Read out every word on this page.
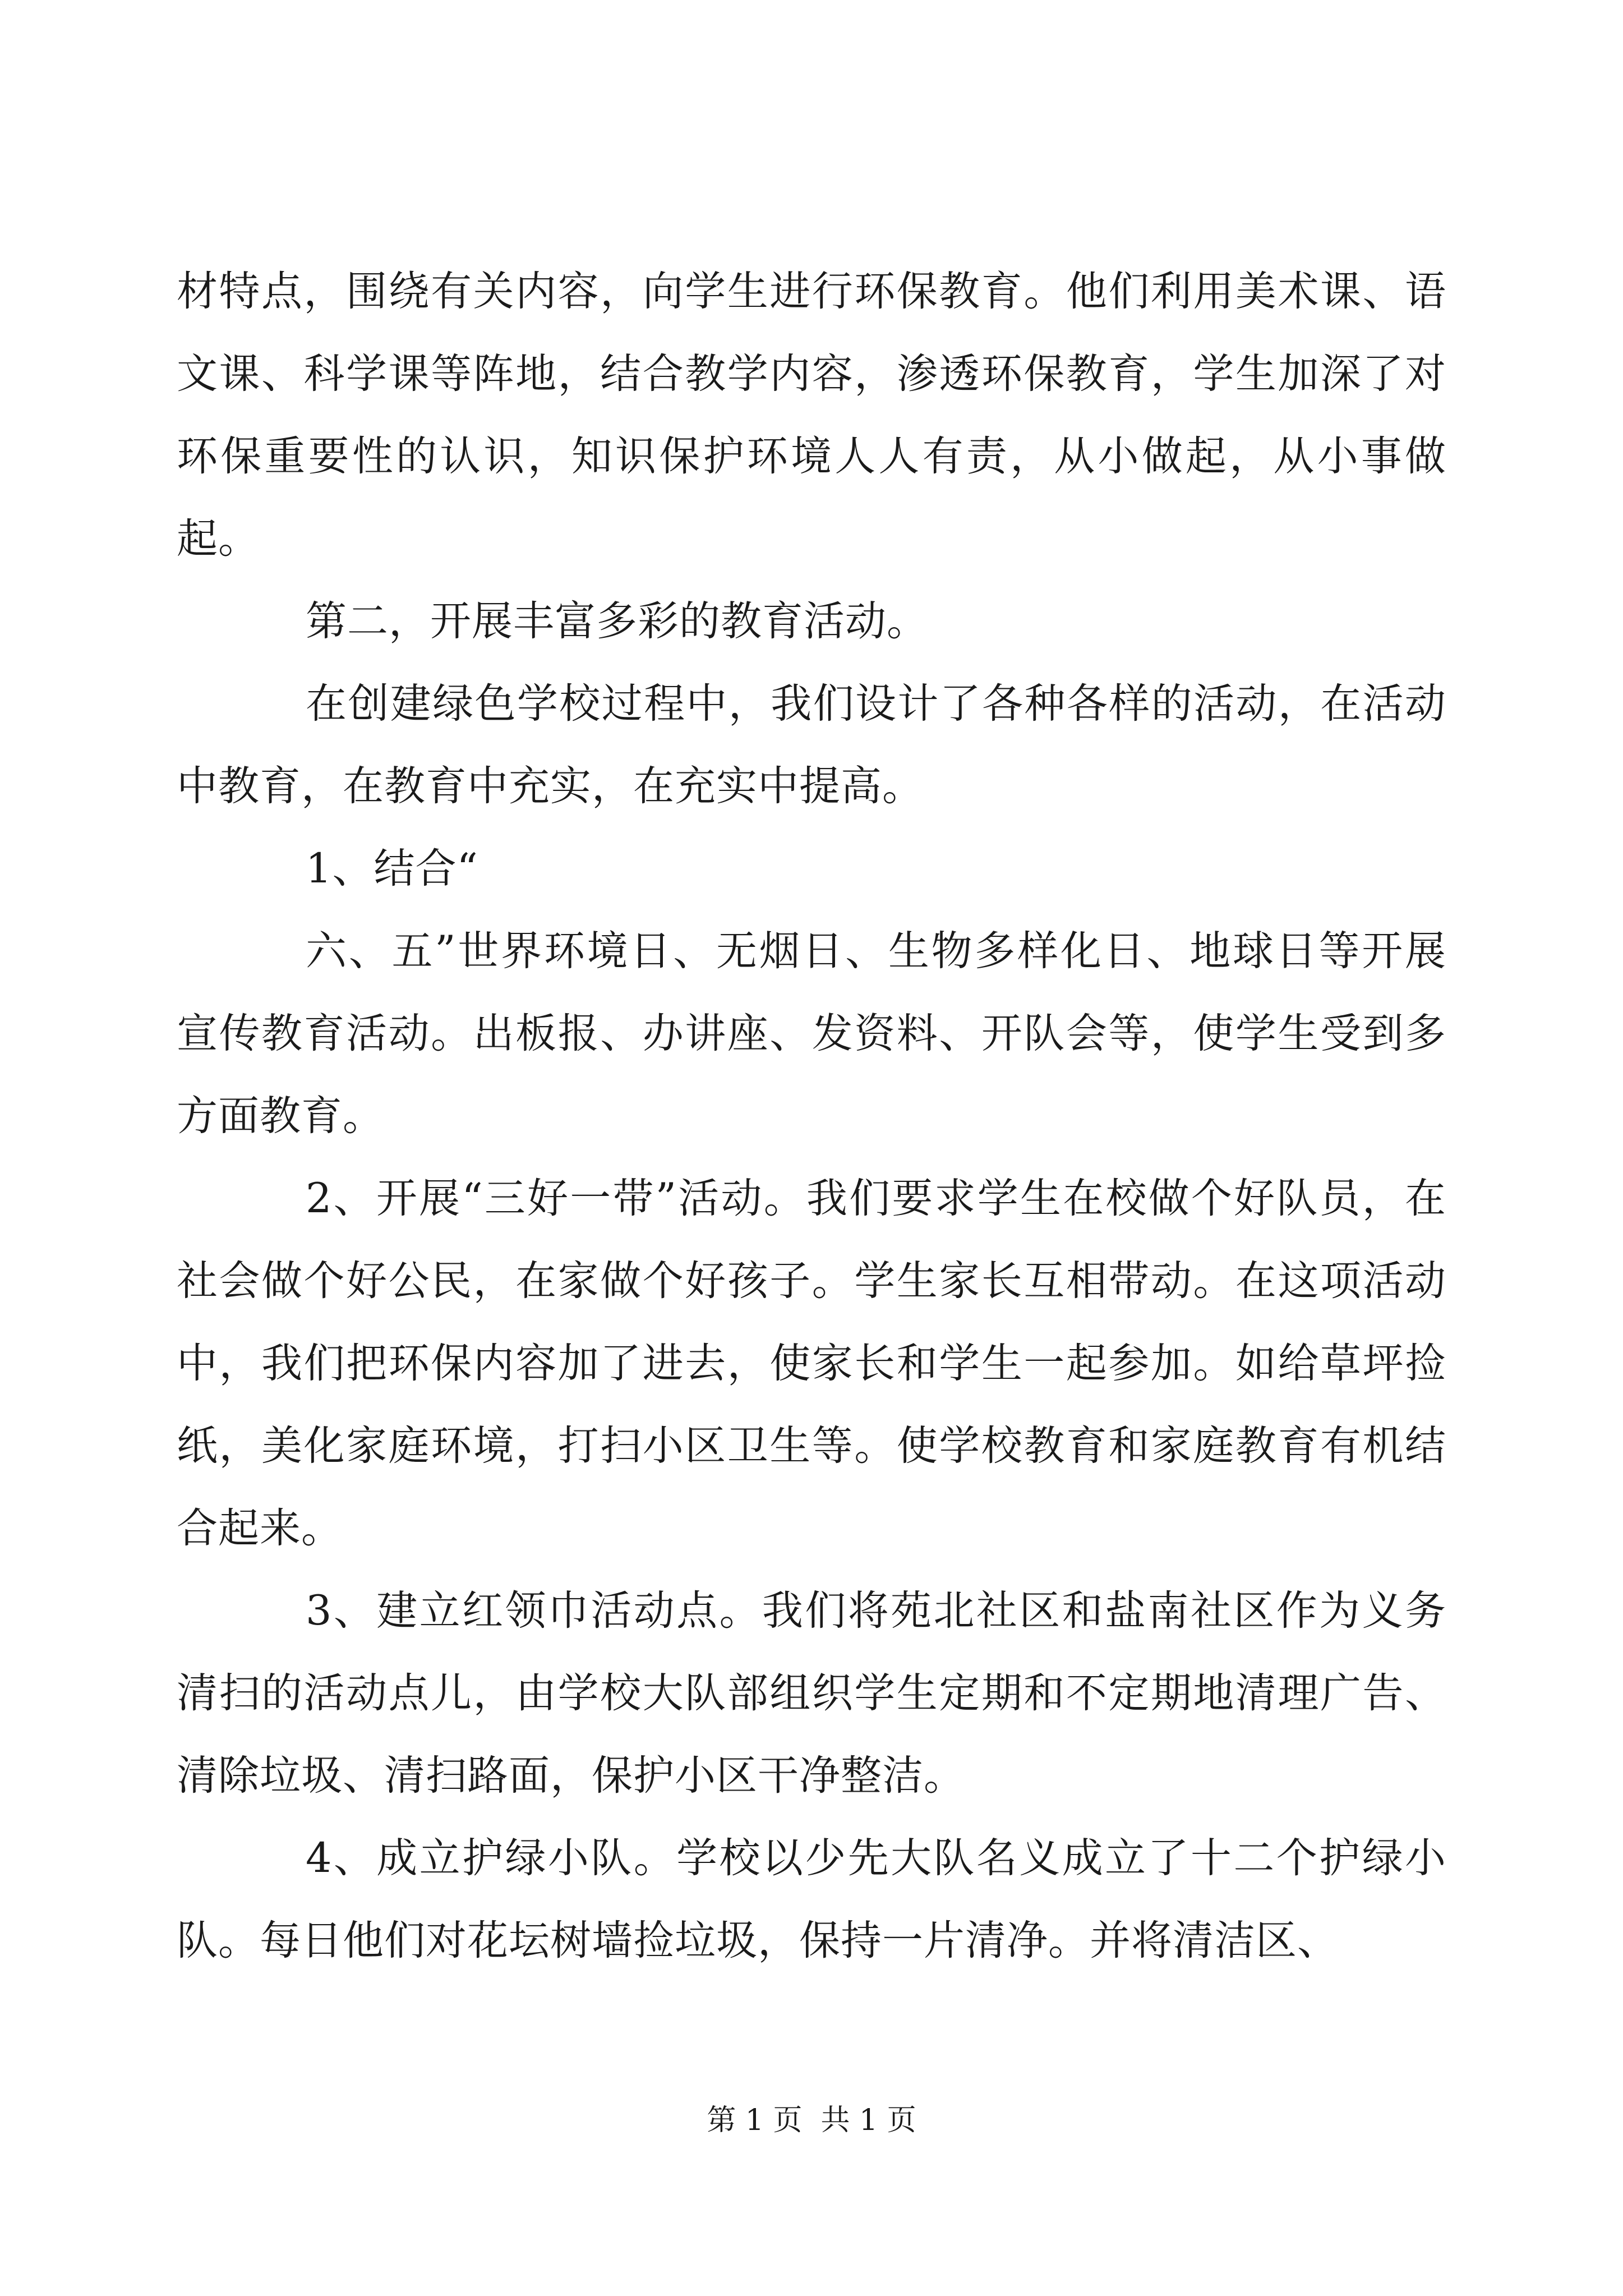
材特点，围绕有关内容，向学生进行环保教育。他们利用美术课、语文课、科学课等阵地，结合教学内容，渗透环保教育，学生加深了对环保重要性的认识，知识保护环境人人有责，从小做起，从小事做起。

第二，开展丰富多彩的教育活动。

在创建绿色学校过程中，我们设计了各种各样的活动，在活动中教育，在教育中充实，在充实中提高。

1、结合“

六、五”世界环境日、无烟日、生物多样化日、地球日等开展宣传教育活动。出板报、办讲座、发资料、开队会等，使学生受到多方面教育。

2、开展“三好一带”活动。我们要求学生在校做个好队员，在社会做个好公民，在家做个好孩子。学生家长互相带动。在这项活动中，我们把环保内容加了进去，使家长和学生一起参加。如给草坪捡纸，美化家庭环境，打扫小区卫生等。使学校教育和家庭教育有机结合起来。

3、建立红领巾活动点。我们将苑北社区和盐南社区作为义务清扫的活动点儿，由学校大队部组织学生定期和不定期地清理广告、清除垃圾、清扫路面，保护小区干净整洁。

4、成立护绿小队。学校以少先大队名义成立了十二个护绿小队。每日他们对花坛树墙捡垃圾，保持一片清净。并将清洁区、

第 1 页  共 1 页
